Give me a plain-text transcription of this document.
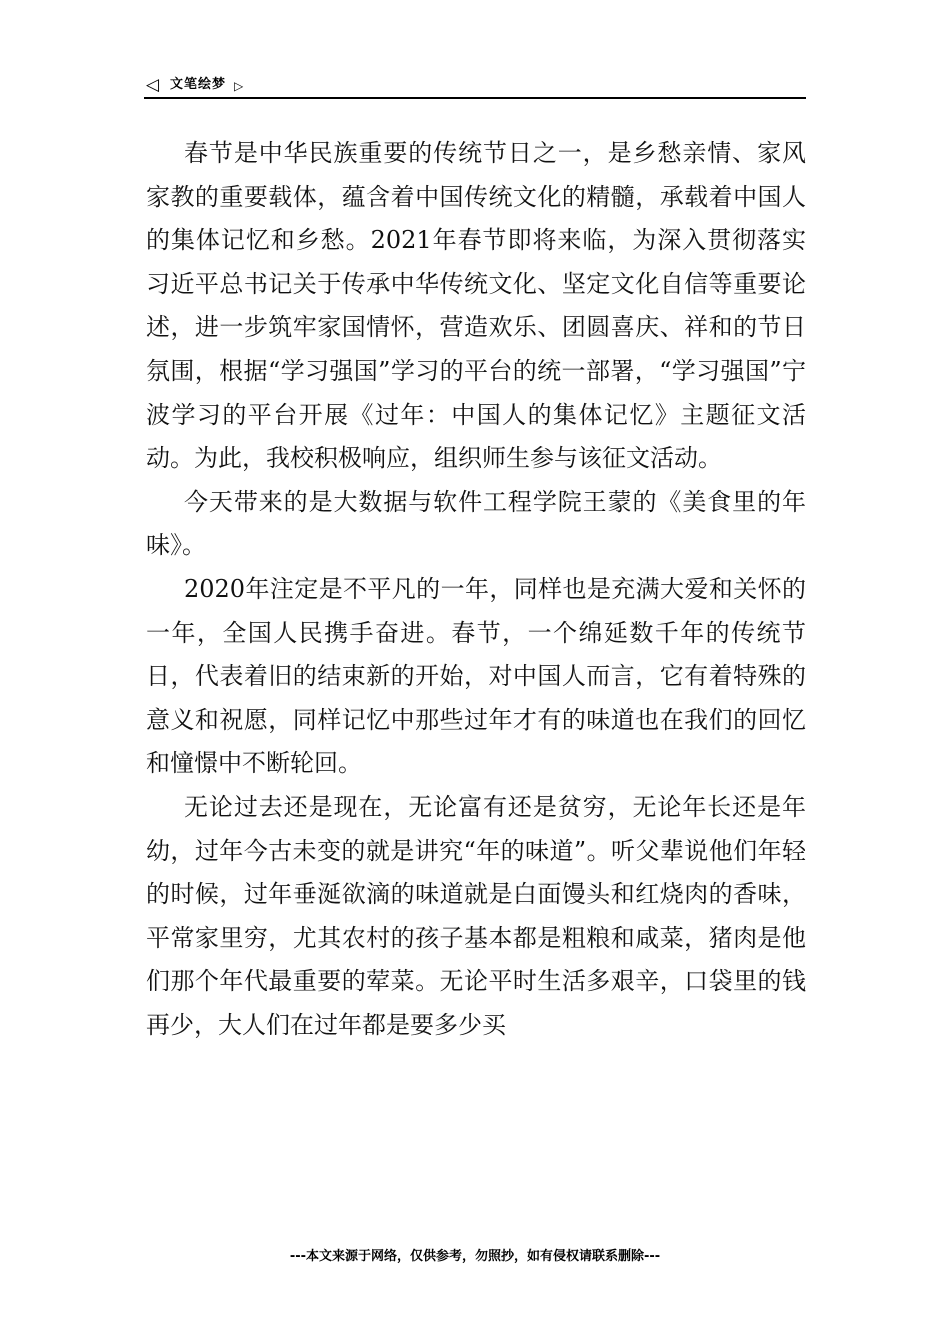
◁ 文笔绘梦 ▷

春节是中华民族重要的传统节日之一，是乡愁亲情、家风家教的重要载体，蕴含着中国传统文化的精髓，承载着中国人的集体记忆和乡愁。2021年春节即将来临，为深入贯彻落实习近平总书记关于传承中华传统文化、坚定文化自信等重要论述，进一步筑牢家国情怀，营造欢乐、团圆喜庆、祥和的节日氛围，根据“学习强国”学习的平台的统一部署，“学习强国”宁波学习的平台开展《过年：中国人的集体记忆》主题征文活动。为此，我校积极响应，组织师生参与该征文活动。

今天带来的是大数据与软件工程学院王蒙的《美食里的年味》。

2020年注定是不平凡的一年，同样也是充满大爱和关怀的一年，全国人民携手奋进。春节，一个绵延数千年的传统节日，代表着旧的结束新的开始，对中国人而言，它有着特殊的意义和祝愿，同样记忆中那些过年才有的味道也在我们的回忆和憧憬中不断轮回。

无论过去还是现在，无论富有还是贫穷，无论年长还是年幼，过年今古未变的就是讲究“年的味道”。听父辈说他们年轻的时候，过年垂涎欲滴的味道就是白面馒头和红烧肉的香味，平常家里穷，尤其农村的孩子基本都是粗粮和咸菜，猪肉是他们那个年代最重要的荤菜。无论平时生活多艰辛，口袋里的钱再少，大人们在过年都是要多少买

---本文来源于网络，仅供参考，勿照抄，如有侵权请联系删除---
